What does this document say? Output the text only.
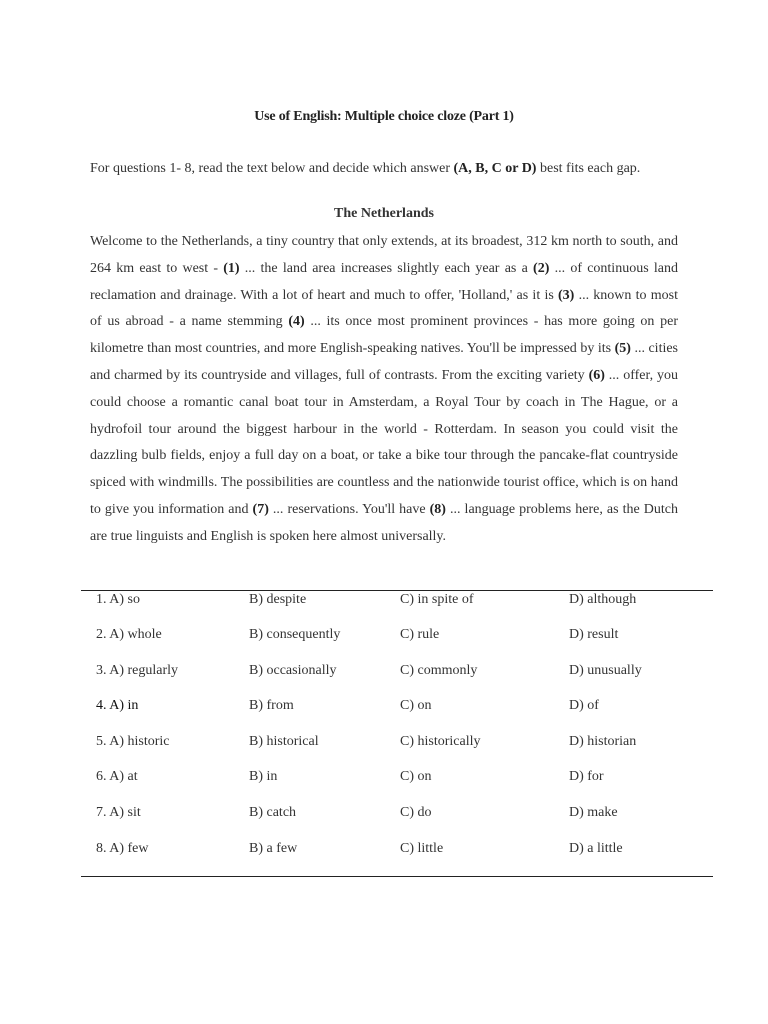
Use of English: Multiple choice cloze (Part 1)
For questions 1- 8, read the text below and decide which answer (A, B, C or D) best fits each gap.
The Netherlands
Welcome to the Netherlands, a tiny country that only extends, at its broadest, 312 km north to south, and 264 km east to west - (1) ... the land area increases slightly each year as a (2) ... of continuous land reclamation and drainage. With a lot of heart and much to offer, 'Holland,' as it is (3) ... known to most of us abroad - a name stemming (4) ... its once most prominent provinces - has more going on per kilometre than most countries, and more English-speaking natives. You'll be impressed by its (5) ... cities and charmed by its countryside and villages, full of contrasts. From the exciting variety (6) ... offer, you could choose a romantic canal boat tour in Amsterdam, a Royal Tour by coach in The Hague, or a hydrofoil tour around the biggest harbour in the world - Rotterdam. In season you could visit the dazzling bulb fields, enjoy a full day on a boat, or take a bike tour through the pancake-flat countryside spiced with windmills. The possibilities are countless and the nationwide tourist office, which is on hand to give you information and (7) ... reservations. You'll have (8) ... language problems here, as the Dutch are true linguists and English is spoken here almost universally.
1. A) so	B) despite	C) in spite of	D) although
2. A) whole	B) consequently	C) rule	D) result
3. A) regularly	B) occasionally	C) commonly	D) unusually
4. A) in	B) from	C) on	D) of
5. A) historic	B) historical	C) historically	D) historian
6. A) at	B) in	C) on	D) for
7. A) sit	B) catch	C) do	D) make
8. A) few	B) a few	C) little	D) a little
